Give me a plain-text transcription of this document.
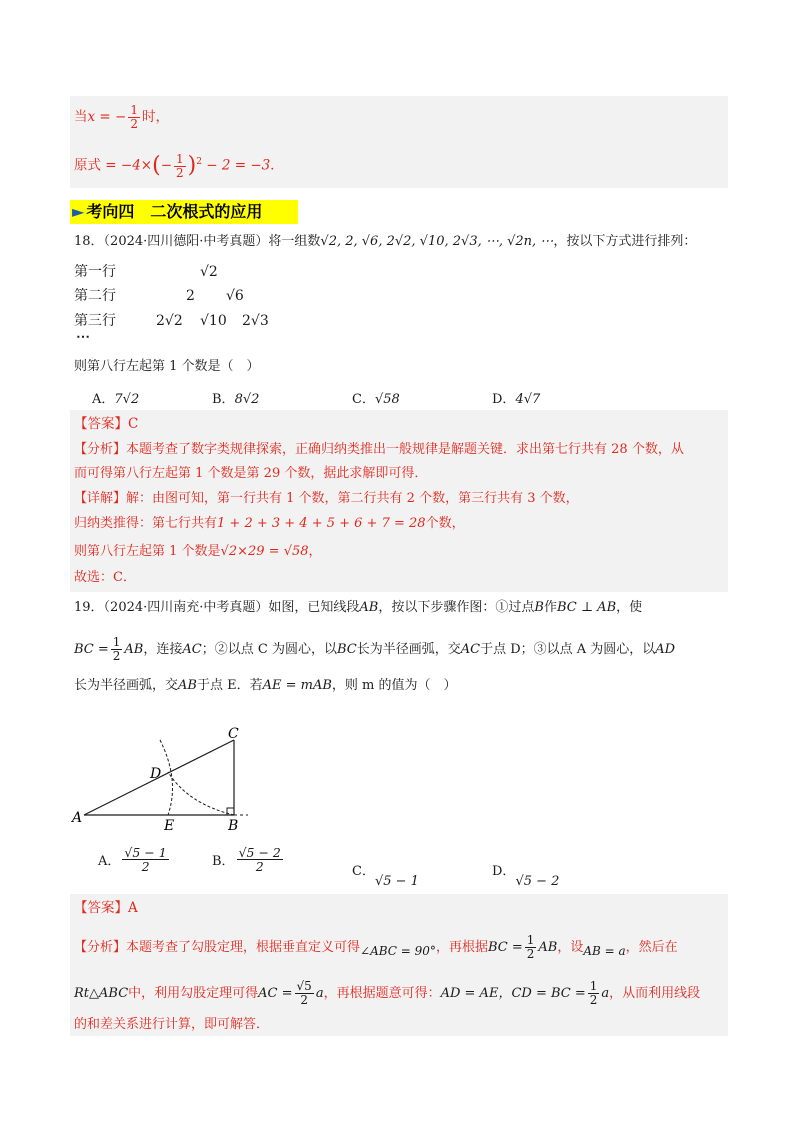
当x = − $\frac{1}{2}$ 时，
原式 = $-4\times(- \frac{1}{2} )^2 - 2 = -3$．
► 考向四　二次根式的应用
18．（2024·四川德阳·中考真题）将一组数√2, 2, √6, 2√2, √10, 2√3, ⋯, √2n, ⋯，按以下方式进行排列：
第一行	√2
第二行	2 √6
第三行	2√2 √10 2√3
⋯
则第八行左起第 1 个数是（　）
A．7√2	B．8√2	C．√58	D．4√7
【答案】C
【分析】本题考查了数字类规律探索，正确归纳类推出一般规律是解题关键．求出第七行共有 28 个数，从
而可得第八行左起第 1 个数是第 29 个数，据此求解即可得．
【详解】解：由图可知，第一行共有 1 个数，第二行共有 2 个数，第三行共有 3 个数，
归纳类推得：第七行共有1 + 2 + 3 + 4 + 5 + 6 + 7 = 28个数，
则第八行左起第 1 个数是√2×29 = √58，
故选：C．
19．（2024·四川南充·中考真题）如图，已知线段AB，按以下步骤作图：①过点B作BC ⊥ AB，使
BC = $\frac{1}{2}$ AB，连接AC；②以点 C 为圆心，以BC长为半径画弧，交AC于点 D；③以点 A 为圆心，以AD
长为半径画弧，交AB于点 E．若AE = mAB，则 m 的值为（　）
A	B
C
D
E
A． $\frac{√5 - 1}{2}$	B． $\frac{√5 - 2}{2}$	C．√5 − 1
D．√5 − 2
【答案】A
【分析】本题考查了勾股定理，根据垂直定义可得∠ABC = 90°，再根据BC = $\frac{1}{2}$ AB，设AB = a，然后在
Rt△ABC中，利用勾股定理可得AC = $\frac{√5}{2}$ a，再根据题意可得：AD = AE，CD = BC = $\frac{1}{2}$ a，从而利用线段
的和差关系进行计算，即可解答．
